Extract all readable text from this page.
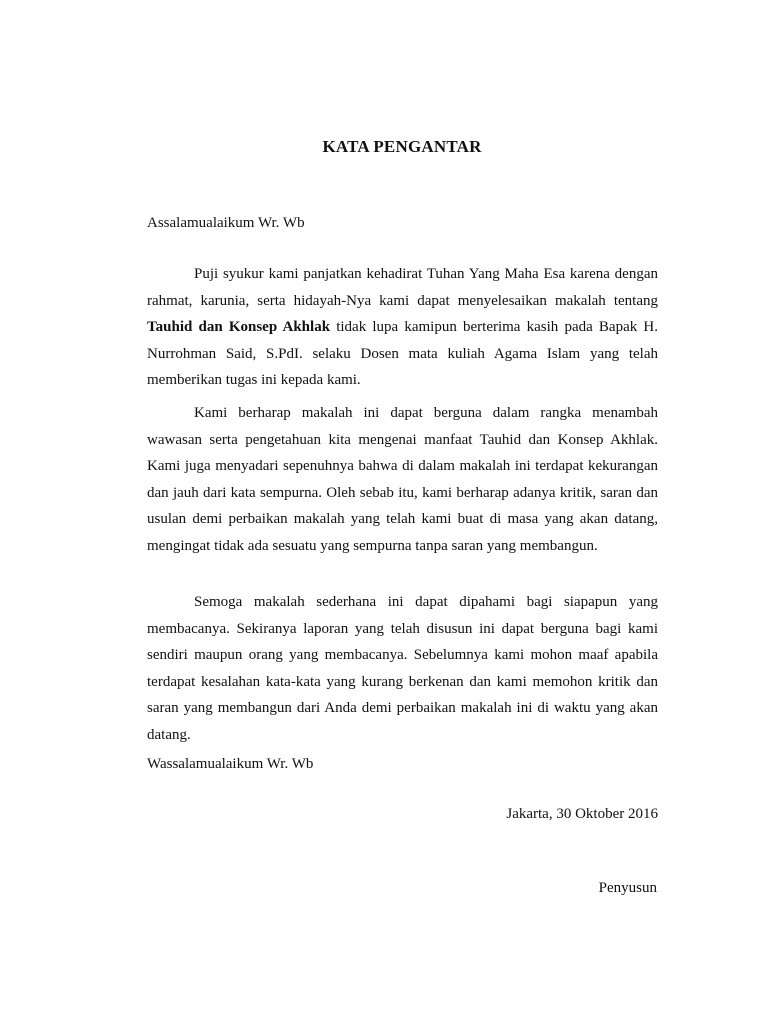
KATA PENGANTAR
Assalamualaikum Wr. Wb

Puji syukur kami panjatkan kehadirat Tuhan Yang Maha Esa karena dengan rahmat, karunia, serta hidayah-Nya kami dapat menyelesaikan makalah tentang Tauhid dan Konsep Akhlak tidak lupa kamipun berterima kasih pada Bapak H. Nurrohman Said, S.PdI. selaku Dosen mata kuliah Agama Islam yang telah memberikan tugas ini kepada kami.

Kami berharap makalah ini dapat berguna dalam rangka menambah wawasan serta pengetahuan kita mengenai manfaat Tauhid dan Konsep Akhlak. Kami juga menyadari sepenuhnya bahwa di dalam makalah ini terdapat kekurangan dan jauh dari kata sempurna. Oleh sebab itu, kami berharap adanya kritik, saran dan usulan demi perbaikan makalah yang telah kami buat di masa yang akan datang, mengingat tidak ada sesuatu yang sempurna tanpa saran yang membangun.

Semoga makalah sederhana ini dapat dipahami bagi siapapun yang membacanya. Sekiranya laporan yang telah disusun ini dapat berguna bagi kami sendiri maupun orang yang membacanya. Sebelumnya kami mohon maaf apabila terdapat kesalahan kata-kata yang kurang berkenan dan kami memohon kritik dan saran yang membangun dari Anda demi perbaikan makalah ini di waktu yang akan datang.

Wassalamualaikum Wr. Wb
Jakarta, 30 Oktober 2016
Penyusun
